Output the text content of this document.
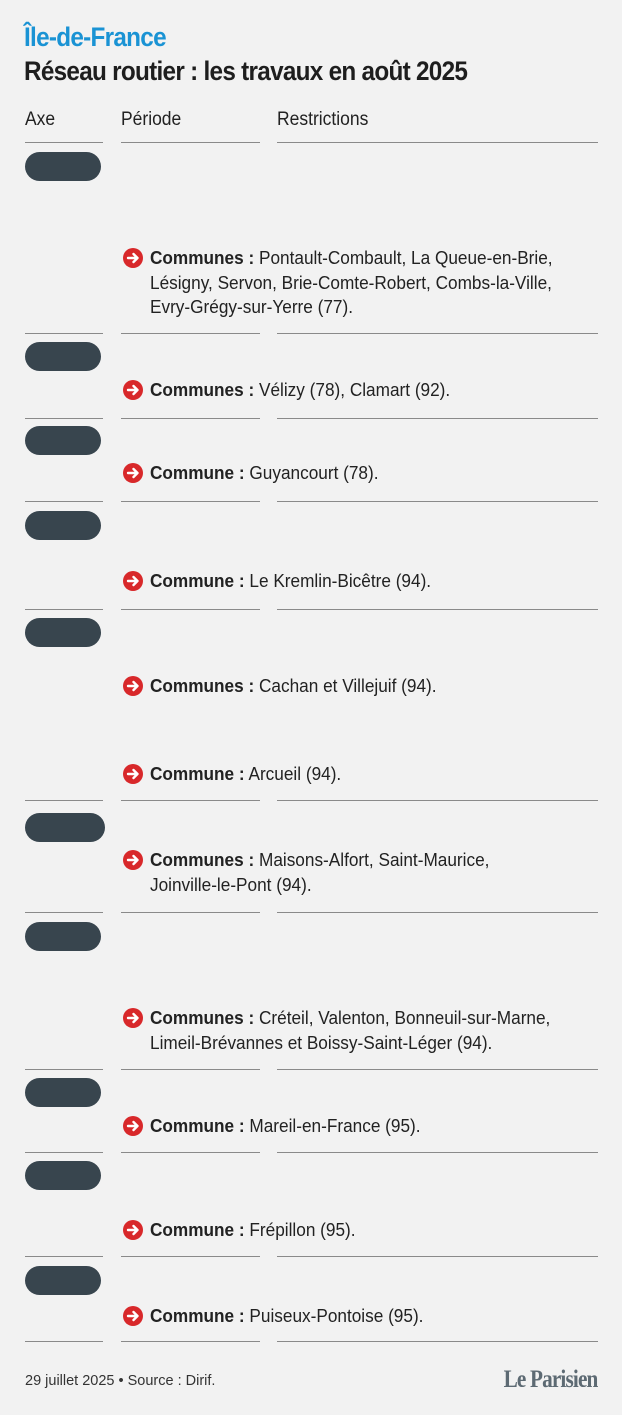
Île-de-France
Réseau routier : les travaux en août 2025
Axe	Période	Restrictions
Communes : Pontault-Combault, La Queue-en-Brie,
Lésigny, Servon, Brie-Comte-Robert, Combs-la-Ville,
Evry-Grégy-sur-Yerre (77).
Communes : Vélizy (78), Clamart (92).
Commune : Guyancourt (78).
Commune : Le Kremlin-Bicêtre (94).
Communes : Cachan et Villejuif (94).
Commune : Arcueil (94).
Communes : Maisons-Alfort, Saint-Maurice,
Joinville-le-Pont (94).
Communes : Créteil, Valenton, Bonneuil-sur-Marne,
Limeil-Brévannes et Boissy-Saint-Léger (94).
Commune : Mareil-en-France (95).
Commune : Frépillon (95).
Commune : Puiseux-Pontoise (95).
29 juillet 2025 • Source : Dirif.	Le Parisien
